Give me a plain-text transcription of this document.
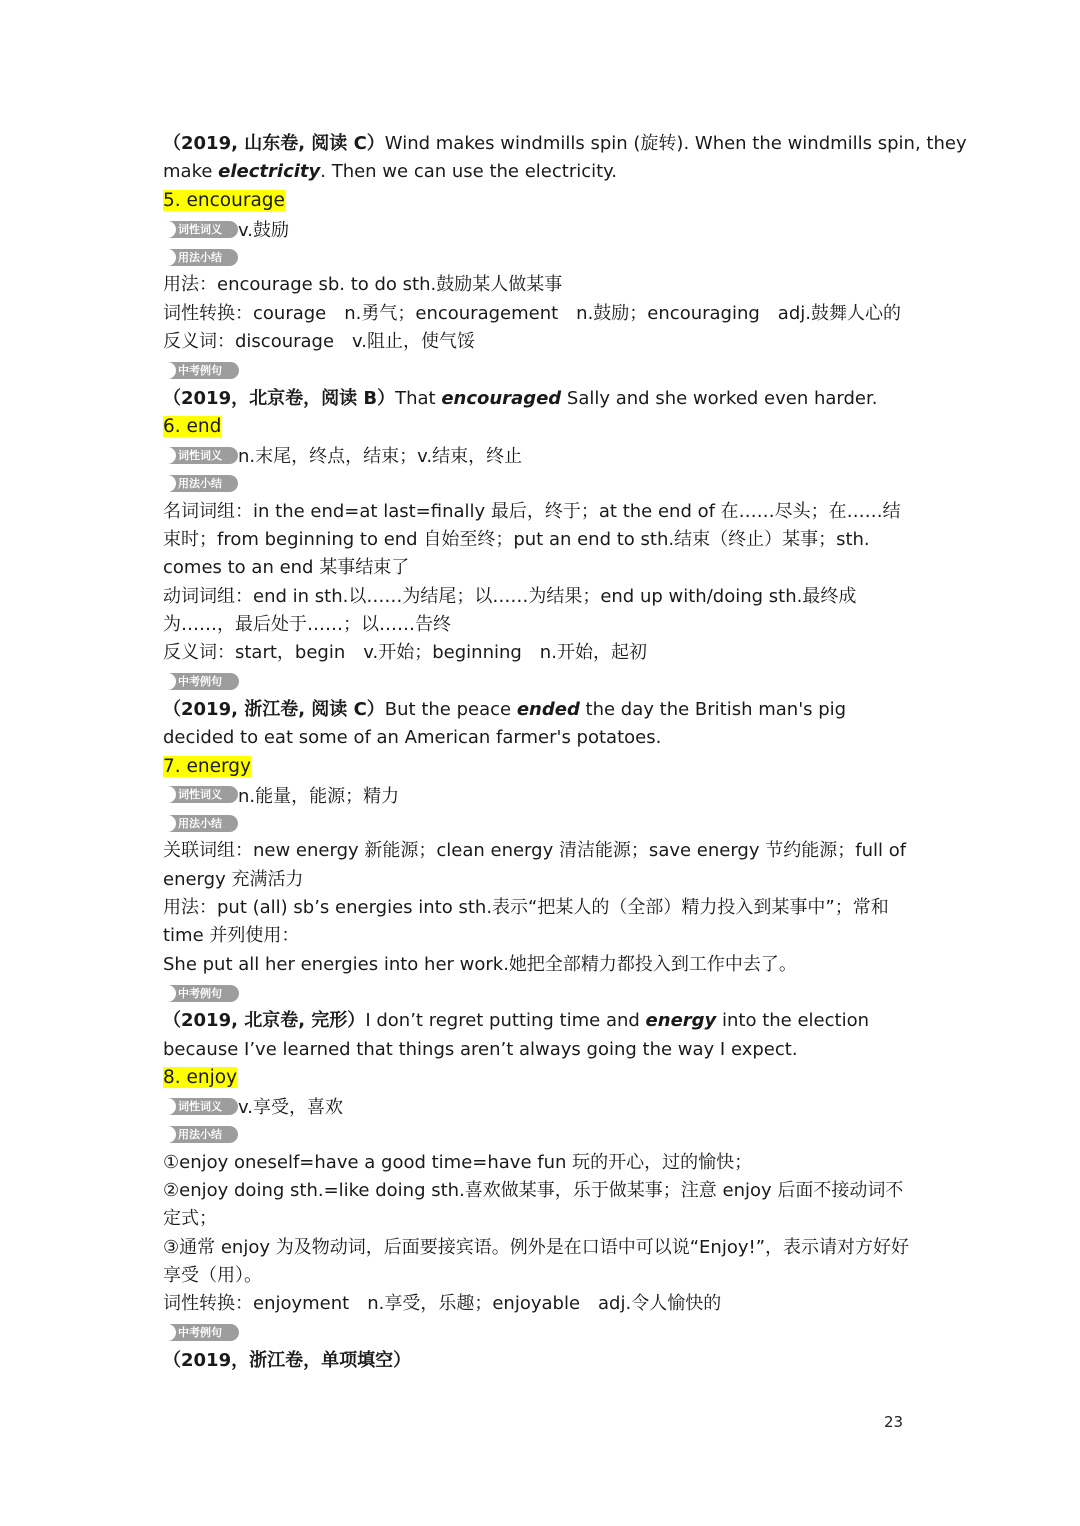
（2019, 山东卷, 阅读 C）Wind makes windmills spin (旋转). When the windmills spin, they
make electricity. Then we can use the electricity.
5. encourage
词性词义 v.鼓励
用法小结
用法：encourage sb. to do sth.鼓励某人做某事
词性转换：courage　n.勇气；encouragement　n.鼓励；encouraging　adj.鼓舞人心的
反义词：discourage　v.阻止，使气馁
中考例句
（2019，北京卷，阅读 B）That encouraged Sally and she worked even harder.
6. end
词性词义 n.末尾，终点，结束；v.结束，终止
用法小结
名词词组：in the end=at last=finally 最后，终于；at the end of 在……尽头；在……结束时；from beginning to end 自始至终；put an end to sth.结束（终止）某事；sth. comes to an end 某事结束了
动词词组：end in sth.以……为结尾；以……为结果；end up with/doing sth.最终成为……，最后处于……；以……告终
反义词：start，begin　v.开始；beginning　n.开始，起初
中考例句
（2019, 浙江卷, 阅读 C）But the peace ended the day the British man's pig decided to eat some of an American farmer's potatoes.
7. energy
词性词义 n.能量，能源；精力
用法小结
关联词组：new energy 新能源；clean energy 清洁能源；save energy 节约能源；full of energy 充满活力
用法：put (all) sb’s energies into sth.表示“把某人的（全部）精力投入到某事中”；常和 time 并列使用：
She put all her energies into her work.她把全部精力都投入到工作中去了。
中考例句
（2019, 北京卷, 完形）I don’t regret putting time and energy into the election because I’ve learned that things aren’t always going the way I expect.
8. enjoy
词性词义 v.享受，喜欢
用法小结
①enjoy oneself=have a good time=have fun 玩的开心，过的愉快；
②enjoy doing sth.=like doing sth.喜欢做某事，乐于做某事；注意 enjoy 后面不接动词不定式；
③通常 enjoy 为及物动词，后面要接宾语。例外是在口语中可以说“Enjoy!”，表示请对方好好享受（用）。
词性转换：enjoyment　n.享受，乐趣；enjoyable　adj.令人愉快的
中考例句
（2019，浙江卷，单项填空）
23
